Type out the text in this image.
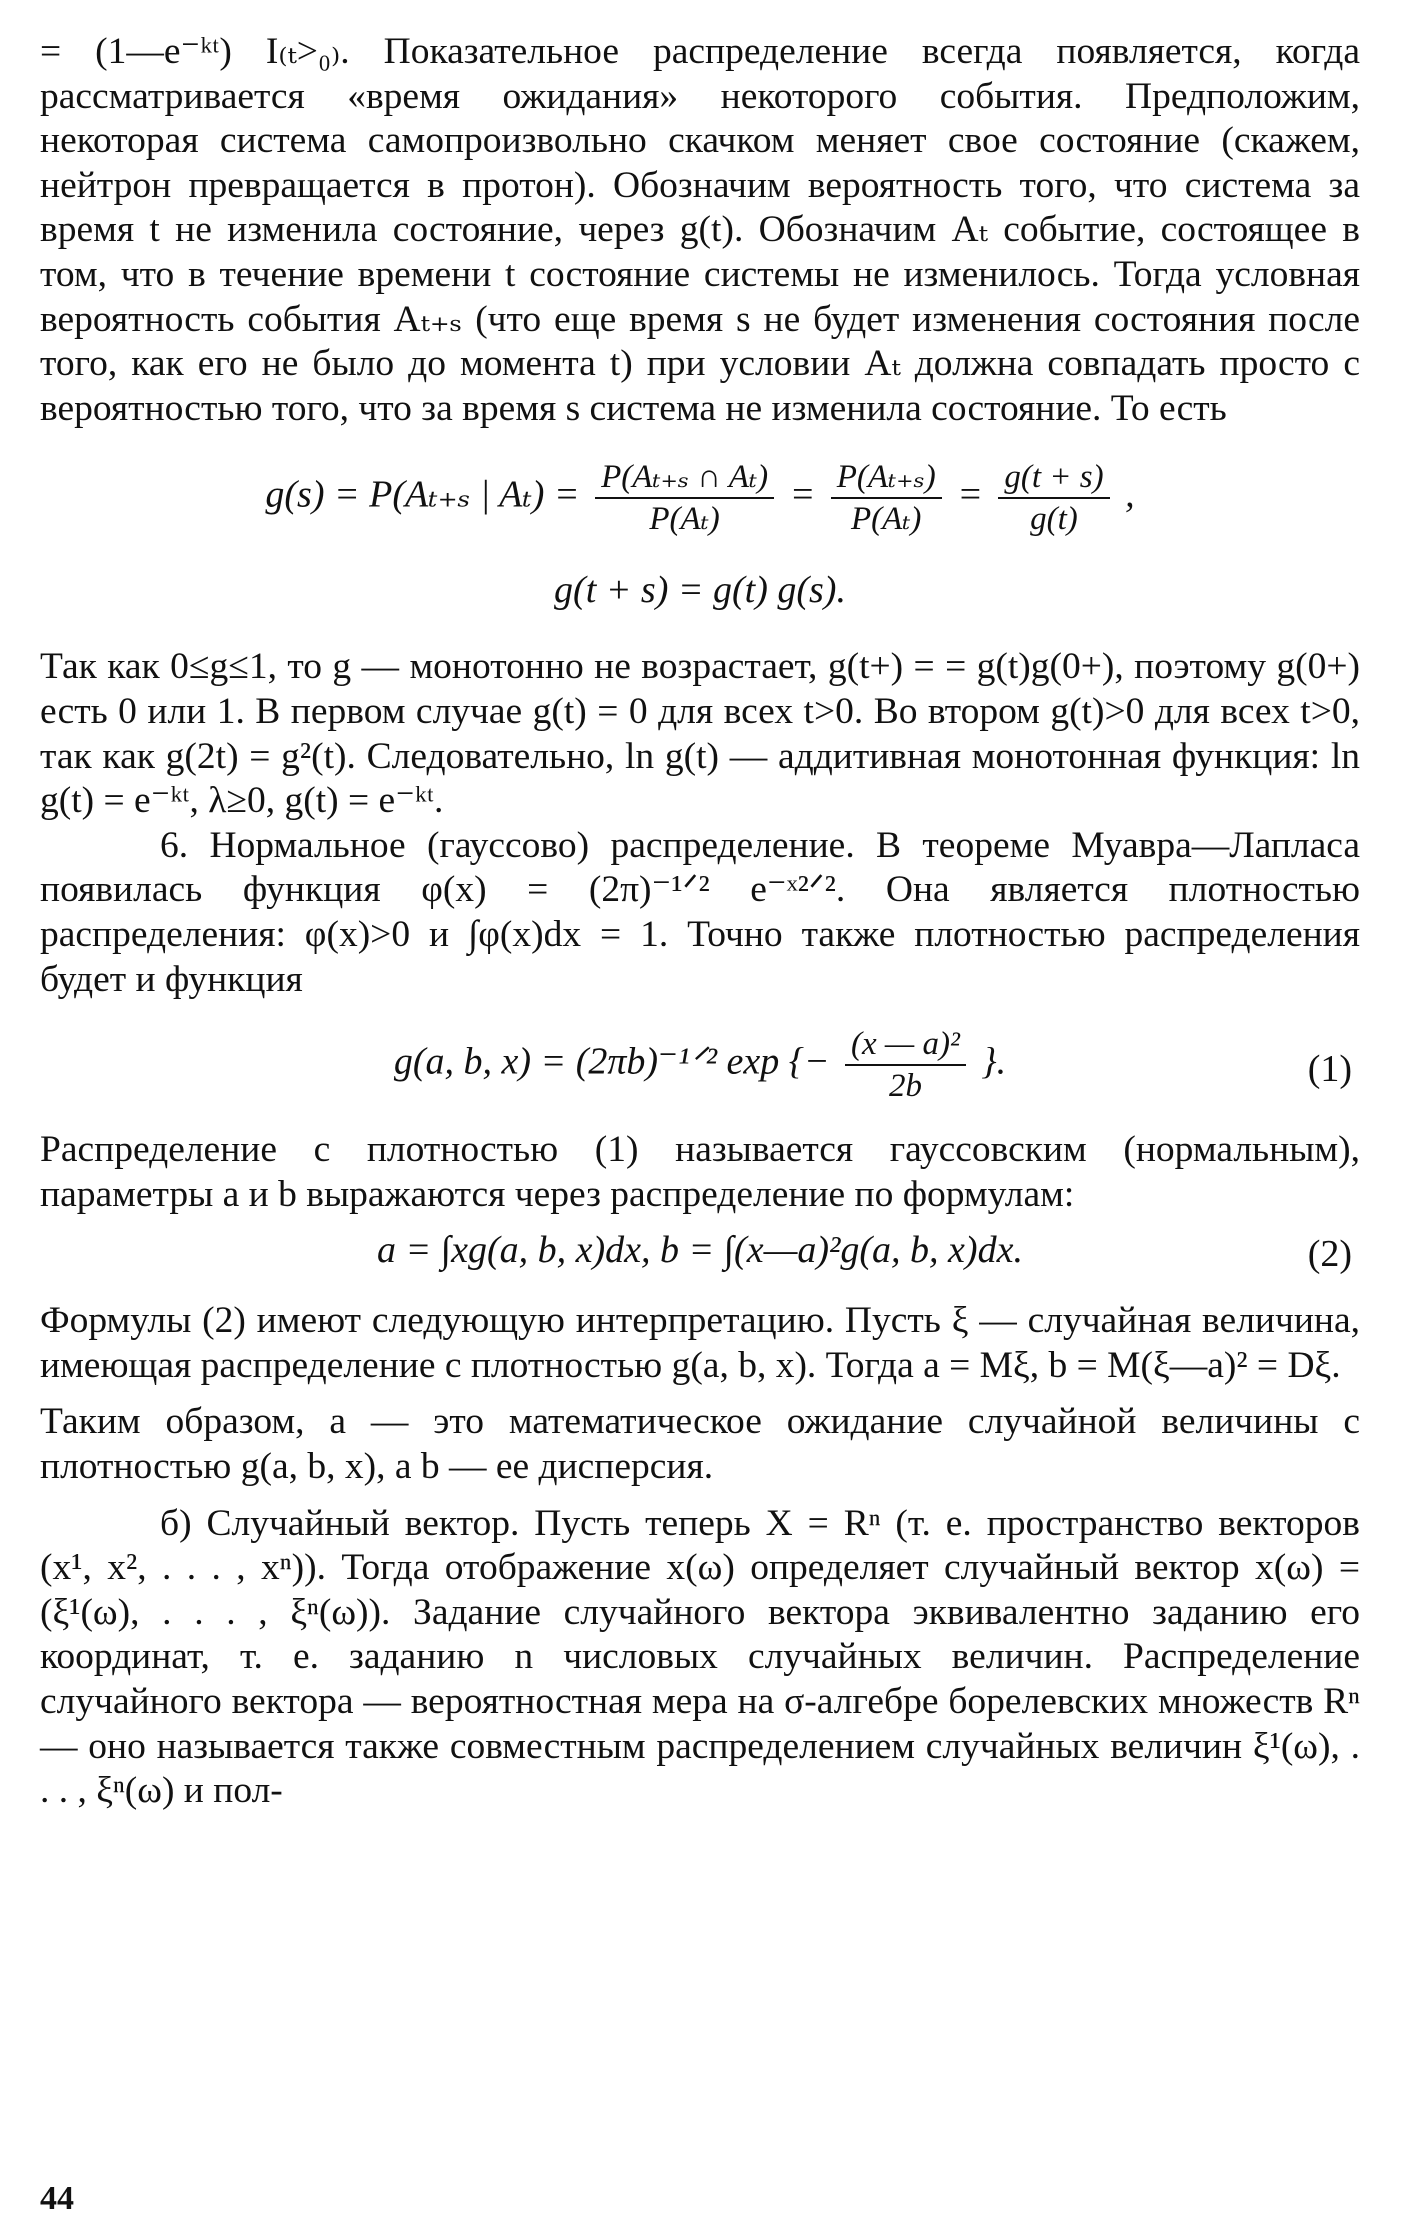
= (1—e⁻ᵏᵗ) I₍ₜ>₀₎. Показательное распределение всегда появляется, когда рассматривается «время ожидания» некоторого события. Предположим, некоторая система самопроизвольно скачком меняет свое состояние (скажем, нейтрон превращается в протон). Обозначим вероятность того, что система за время t не изменила состояние, через g(t). Обозначим Aₜ событие, состоящее в том, что в течение времени t состояние системы не изменилось. Тогда условная вероятность события Aₜ₊ₛ (что еще время s не будет изменения состояния после того, как его не было до момента t) при условии Aₜ должна совпадать просто с вероятностью того, что за время s система не изменила состояние. То есть

g(s) = P(Aₜ₊ₛ | $A_t) = \frac{\text{P(Aₜ₊ₛ ∩ Aₜ)}}{\text{P(Aₜ)}} = \frac{\text{P(Aₜ₊ₛ)}}{\text{P(Aₜ)}} = \frac{g(t + s)}{g(t)}$ ,
g(t + s) = g(t) g(s).

Так как 0≤g≤1, то g — монотонно не возрастает, g(t+) = = g(t)g(0+), поэтому g(0+) есть 0 или 1. В первом случае g(t) = 0 для всех t>0. Во втором g(t)>0 для всех t>0, так как g(2t) = g²(t). Следовательно, ln g(t) — аддитивная монотонная функция: ln g(t) = e⁻ᵏᵗ, λ≥0, g(t) = e⁻ᵏᵗ.

6. Нормальное (гауссово) распределение. В теореме Муавра—Лапласа появилась функция φ(x) = (2π)⁻¹ᐟ² e⁻ˣ²ᐟ². Она является плотностью распределения: φ(x)>0 и ∫φ(x)dx = 1. Точно также плотностью распределения будет и функция

g(a, b, x) = (2πb)⁻¹ᐟ² exp {− $\frac{\text{(x — a)²}}{2b}$ }.	(1)

Распределение с плотностью (1) называется гауссовским (нормальным), параметры a и b выражаются через распределение по формулам:

a = ∫xg(a, b, x)dx, b = ∫(x—a)²g(a, b, x)dx.	(2)

Формулы (2) имеют следующую интерпретацию. Пусть ξ — случайная величина, имеющая распределение с плотностью g(a, b, x). Тогда a = Mξ, b = M(ξ—a)² = Dξ.

Таким образом, a — это математическое ожидание случайной величины с плотностью g(a, b, x), а b — ее дисперсия.

б) Случайный вектор. Пусть теперь X = Rⁿ (т. е. пространство векторов (x¹, x², . . . , xⁿ)). Тогда отображение x(ω) определяет случайный вектор x(ω) = (ξ¹(ω), . . . , ξⁿ(ω)). Задание случайного вектора эквивалентно заданию его координат, т. е. заданию n числовых случайных величин. Распределение случайного вектора — вероятностная мера на σ-алгебре борелевских множеств Rⁿ — оно называется также совместным распределением случайных величин ξ¹(ω), . . . , ξⁿ(ω) и пол-

44
